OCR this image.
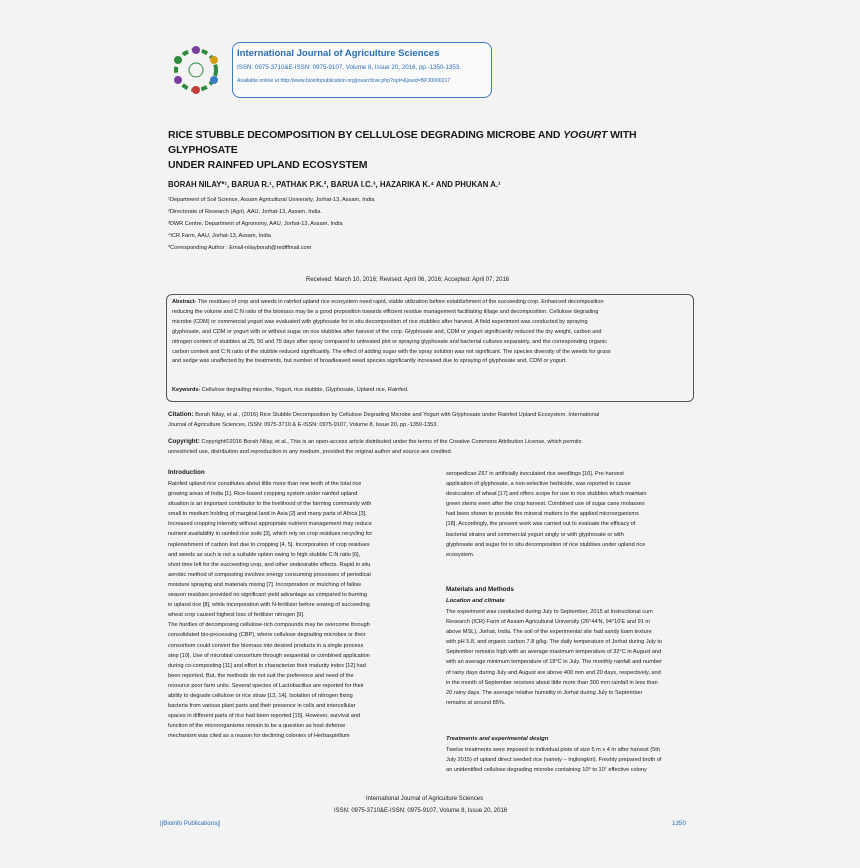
International Journal of Agriculture Sciences
ISSN: 0975-3710&E-ISSN: 0975-9107, Volume 8, Issue 20, 2016, pp.-1350-1353.
Available online at http://www.bioinfopublication.org/jouarchive.php?opt=&jouid=BPJ0000217
RICE STUBBLE DECOMPOSITION BY CELLULOSE DEGRADING MICROBE AND YOGURT WITH GLYPHOSATE
UNDER RAINFED UPLAND ECOSYSTEM
BORAH NILAY*¹, BARUA R.¹, PATHAK P.K.², BARUA I.C.³, HAZARIKA K.⁴ AND PHUKAN A.¹
¹Department of Soil Science, Assam Agricultural University, Jorhat-13, Assam, India
²Directorate of Research (Agri), AAU, Jorhat-13, Assam, India.
³DWR Centre, Department of Agronomy, AAU, Jorhat-13, Assam, India
⁴ICR Farm, AAU, Jorhat-13, Assam, India
*Corresponding Author : Email-nilayborah@rediffmail.com
Received: March 10, 2016; Revised: April 06, 2016; Accepted: April 07, 2016
Abstract- The residues of crop and weeds in rainfed upland rice ecosystem need rapid, viable utilization before establishment of the succeeding crop. Enhanced decomposition
reducing the volume and C:N ratio of the biomass may be a good proposition towards efficient residue management facilitating tillage and decomposition. Cellulose degrading
microbe (CDM) or commercial yogurt was evaluated with glyphosate for in situ decomposition of rice stubbles after harvest. A field experiment was conducted by spraying
glyphosate, and CDM or yogurt with or without sugar on rice stubbles after harvest of the crop. Glyphosate and, CDM or yogurt significantly reduced the dry weight, carbon and
nitrogen content of stubbles at 25, 50 and 75 days after spray compared to untreated plot or spraying glyphosate and bacterial cultures separately, and the corresponding organic
carbon content and C:N ratio of the stubble reduced significantly. The effect of adding sugar with the spray solution was not significant. The species diversity of the weeds for grass
and sedge was unaffected by the treatments, but number of broadleaved weed species significantly increased due to spraying of glyphosate and, CDM or yogurt.
Keywords- Cellulose degrading microbe, Yogurt, rice stubble, Glyphosate, Upland rice, Rainfed.
Citation: Borah Nilay, et al., (2016) Rice Stubble Decomposition by Cellulose Degrading Microbe and Yogurt with Glyphosate under Rainfed Upland Ecosystem. International
Journal of Agriculture Sciences, ISSN: 0975-3710 & E-ISSN: 0975-9107, Volume 8, Issue 20, pp.-1350-1353.
Copyright: Copyright©2016 Borah Nilay, et al., This is an open-access article distributed under the terms of the Creative Commons Attribution License, which permits
unrestricted use, distribution and reproduction in any medium, provided the original author and source are credited.
Introduction
Rainfed upland rice constitutes about little more than one tenth of the total rice
growing areas of India [1]. Rice-based cropping system under rainfed upland
situation is an important contributor to the livelihood of the farming community with
small to medium holding of marginal land in Asia [2] and many parts of Africa [3].
Increased cropping intensity without appropriate nutrient management may reduce
nutrient availability in rainfed rice soils [3], which rely on crop residues recycling for
replenishment of carbon lost due to cropping [4, 5]. Incorporation of crop residues
and weeds as such is not a suitable option owing to high stubble C:N ratio [6],
short time left for the succeeding crop, and other undesirable effects. Rapid in situ
aerobic method of composting involves energy consuming processes of periodical
moisture spraying and materials mixing [7]. Incorporation or mulching of fallow
season residues provided no significant yield advantage as compared to burning
in upland rice [8], while incorporation with N-fertilizer before sowing of succeeding
wheat crop caused highest loss of fertilizer nitrogen [9].
The hurdles of decomposing cellulose-rich compounds may be overcome through
consolidated bio-processing (CBP), where cellulose degrading microbes or their
consortium could convert the biomass into desired products in a single process
step [10]. Use of microbial consortium through sequential or combined application
during co-composting [11] and effort to characterize their maturity index [12] had
been reported. But, the methods do not suit the preference and need of the
resource poor farm units. Several species of Lactobacillus are reported for their
ability to degrade cellulose or rice straw [13, 14]. Isolation of nitrogen fixing
bacteria from various plant parts and their presence in cells and intercellular
spaces in different parts of rice had been reported [15]. However, survival and
function of the microorganisms remain to be a question as host defense
mechanism was cited as a reason for declining colonies of Herbaspirillum
seropedicae Z67 in artificially inoculated rice seedlings [16]. Pre-harvest
application of glyphosate, a non-selective herbicide, was reported to cause
desiccation of wheat [17] and offers scope for use in rice stubbles which maintain
green stems even after the crop harvest. Combined use of sugar cane molasses
had been shown to provide the mineral matters to the applied microorganisms
[18]. Accordingly, the present work was carried out to evaluate the efficacy of
bacterial strains and commercial yogurt singly or with glyphosate or with
glyphosate and sugar for in situ decomposition of rice stubbles under upland rice
ecosystem.
Materials and Methods
Location and climate
The experiment was conducted during July to September, 2015 at Instructional cum
Research (ICR) Farm of Assam Agricultural University (26°44'N, 94°10'E and 91 m
above MSL), Jorhat, India. The soil of the experimental site had sandy loam texture
with pH 5.8, and organic carbon 7.8 g/kg. The daily temperature of Jorhat during July to
September remains high with an average maximum temperature of 32°C in August and
with an average minimum temperature of 18°C in July. The monthly rainfall and number
of rainy days during July and August are above 400 mm and 20 days, respectively, and
in the month of September receives about little more than 300 mm rainfall in less than
20 rainy days. The average relative humidity in Jorhat during July to September
remains at around 85%.
Treatments and experimental design
Twelve treatments were imposed to individual plots of size 5 m x 4 m after harvest (5th
July 2015) of upland direct seeded rice (variety – Inglongkiri). Freshly prepared broth of
an unidentified cellulose degrading microbe containing 10⁸ to 10⁷ effective colony
International Journal of Agriculture Sciences
ISSN: 0975-3710&E-ISSN: 0975-9107, Volume 8, Issue 20, 2016
||Bioinfo Publications||	1350
